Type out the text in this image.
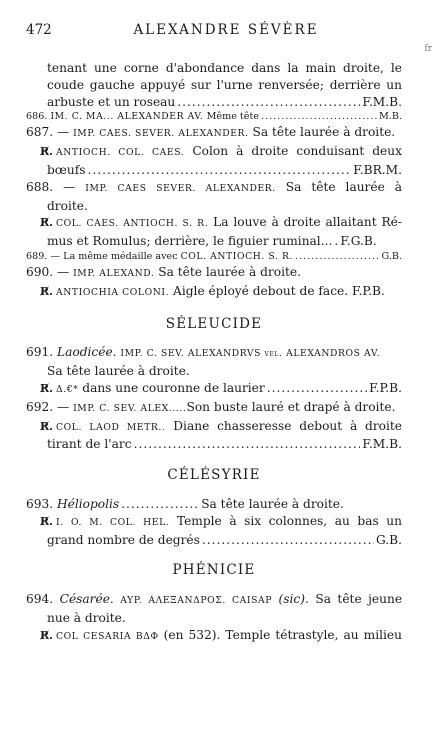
472	ALEXANDRE SÉVÈRE
fr
tenant une corne d'abondance dans la main droite, le
coude gauche appuyé sur l'urne renversée; derrière un
arbuste et un roseau .....	F.M.B.
686.
IM. C. MA... ALEXANDER AV.
Même tête .....	M.B.
687. — IMP. CAES. SEVER. ALEXANDER. Sa tête laurée à droite.
R̸. ANTIOCH. COL. CAES. Colon à droite conduisant deux
bœufs .....	F.BR.M.
688. — IMP. CAES SEVER. ALEXANDER. Sa tête laurée à
droite.
R̸. COL. CAES. ANTIOCH. S. R. La louve à droite allaitant Ré-
mus et Romulus; derrière, le figuier ruminal... ..... F.G.B.
689.
— La même médaille avec
COL. ANTIOCH. S. R. .....	G.B.
690. — IMP. ALEXAND. Sa tête laurée à droite.
R̸. ANTIOCHIA COLONI. Aigle éployé debout de face. F.P.B.
SÉLEUCIDE
691. Laodicée. IMP. C. SEV. ALEXANDRVS vel. ALEXANDROS AV.
Sa tête laurée à droite.
R̸. Δ.€*
dans une couronne de laurier .....	F.P.B.
692. — IMP. C. SEV. ALEX.....Son buste lauré et drapé à droite.
R̸. COL. LAOD METR.. Diane chasseresse debout à droite
tirant de l'arc .....	F.M.B.
CÉLÉSYRIE
693.
Héliopolis .....	Sa tête laurée à droite.
R̸. I. O. M. COL. HEL. Temple à six colonnes, au bas un
grand nombre de degrés .....	G.B.
PHÉNICIE
694. Césarée. AYP. ΑΛΕΞΑΝΔΡΟΣ. CAISAP (sic). Sa tête jeune
nue à droite.
R̸. COL CESARIA BΔΦ (en 532). Temple tétrastyle, au milieu
